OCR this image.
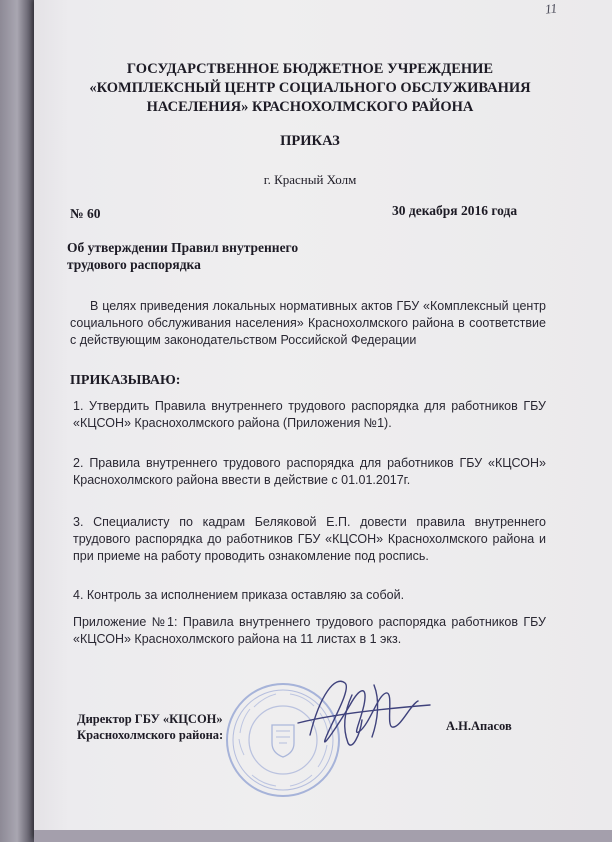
11
ГОСУДАРСТВЕННОЕ БЮДЖЕТНОЕ УЧРЕЖДЕНИЕ
«КОМПЛЕКСНЫЙ ЦЕНТР СОЦИАЛЬНОГО ОБСЛУЖИВАНИЯ
НАСЕЛЕНИЯ» КРАСНОХОЛМСКОГО РАЙОНА
ПРИКАЗ
г. Красный Холм
№ 60	30 декабря 2016 года
Об утверждении Правил внутреннего
трудового распорядка
В целях приведения локальных нормативных актов ГБУ «Комплексный центр социального обслуживания населения» Краснохолмского района в соответствие с действующим законодательством Российской Федерации
ПРИКАЗЫВАЮ:
1. Утвердить Правила внутреннего трудового распорядка для работников ГБУ «КЦСОН» Краснохолмского района (Приложения №1).
2. Правила внутреннего трудового распорядка для работников ГБУ «КЦСОН» Краснохолмского района ввести в действие с 01.01.2017г.
3. Специалисту по кадрам Беляковой Е.П. довести правила внутреннего трудового распорядка до работников ГБУ «КЦСОН» Краснохолмского района и при приеме на работу проводить ознакомление под роспись.
4. Контроль за исполнением приказа оставляю за собой.
Приложение №1: Правила внутреннего трудового распорядка работников ГБУ «КЦСОН» Краснохолмского района на 11 листах в 1 экз.
Директор ГБУ «КЦСОН»
Краснохолмского района:
А.Н.Апасов
